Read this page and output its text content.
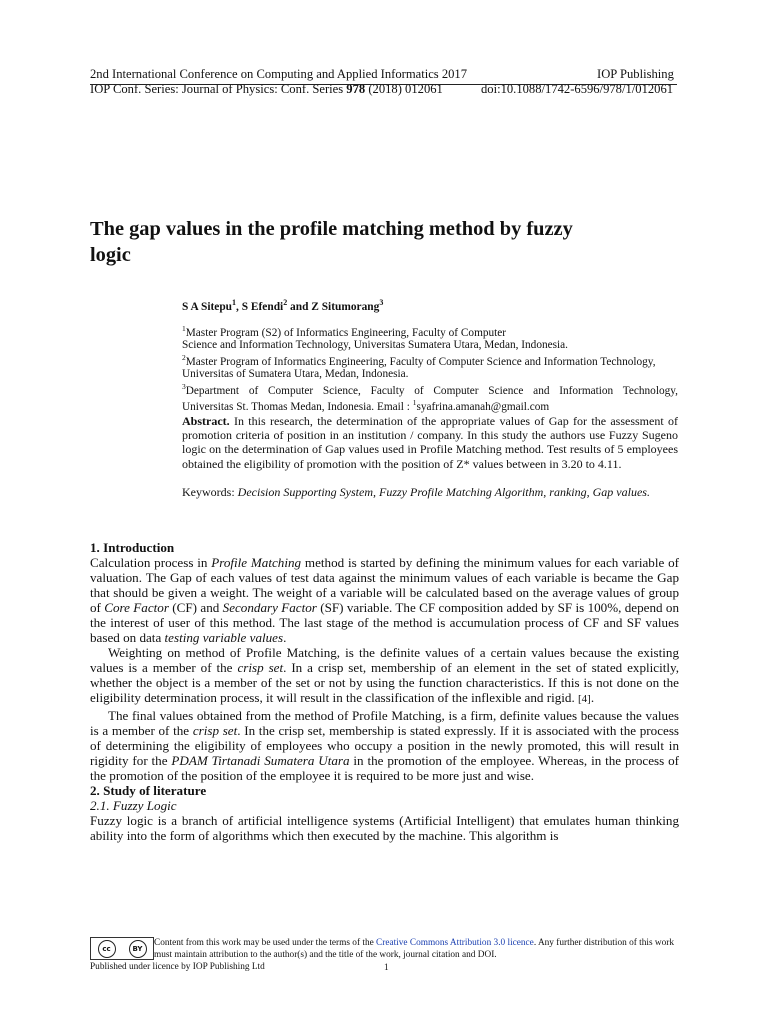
2nd International Conference on Computing and Applied Informatics 2017	IOP Publishing
IOP Conf. Series: Journal of Physics: Conf. Series 978 (2018) 012061	doi:10.1088/1742-6596/978/1/012061
The gap values in the profile matching method by fuzzy
logic
S A Sitepu$^1$, S Efendi$^2$ and Z Situmorang$^3$
$^1$Master Program (S2) of Informatics Engineering, Faculty of Computer
Science and Information Technology, Universitas Sumatera Utara, Medan, Indonesia.
$^2$Master Program of Informatics Engineering, Faculty of Computer Science and Information Technology,
Universitas of Sumatera Utara, Medan, Indonesia.
$^3$Department of Computer Science, Faculty of Computer Science and Information Technology,
Universitas St. Thomas Medan, Indonesia. Email : $^1$syafrina.amanah@gmail.com
Abstract. In this research, the determination of the appropriate values of Gap for the assessment of promotion criteria of position in an institution / company. In this study the authors use Fuzzy Sugeno logic on the determination of Gap values used in Profile Matching method. Test results of 5 employees obtained the eligibility of promotion with the position of Z* values between in 3.20 to 4.11.
Keywords: Decision Supporting System, Fuzzy Profile Matching Algorithm, ranking, Gap values.

1. Introduction

Calculation process in Profile Matching method is started by defining the minimum values for each variable of valuation. The Gap of each values of test data against the minimum values of each variable is became the Gap that should be given a weight. The weight of a variable will be calculated based on the average values of group of Core Factor (CF) and Secondary Factor (SF) variable. The CF composition added by SF is 100%, depend on the interest of user of this method. The last stage of the method is accumulation process of CF and SF values based on data testing variable values.

Weighting on method of Profile Matching, is the definite values of a certain values because the existing values is a member of the crisp set. In a crisp set, membership of an element in the set of stated explicitly, whether the object is a member of the set or not by using the function characteristics. If this is not done on the eligibility determination process, it will result in the classification of the inflexible and rigid. [4].

The final values obtained from the method of Profile Matching, is a firm, definite values because the values is a member of the crisp set. In the crisp set, membership is stated expressly. If it is associated with the process of determining the eligibility of employees who occupy a position in the newly promoted, this will result in rigidity for the PDAM Tirtanadi Sumatera Utara in the promotion of the employee. Whereas, in the process of the promotion of the position of the employee it is required to be more just and wise.

2. Study of literature

2.1. Fuzzy Logic

Fuzzy logic is a branch of artificial intelligence systems (Artificial Intelligent) that emulates human thinking ability into the form of algorithms which then executed by the machine. This algorithm is

cc	BY
Content from this work may be used under the terms of the Creative Commons Attribution 3.0 licence. Any further distribution of this work must maintain attribution to the author(s) and the title of the work, journal citation and DOI.
Published under licence by IOP Publishing Ltd	1
